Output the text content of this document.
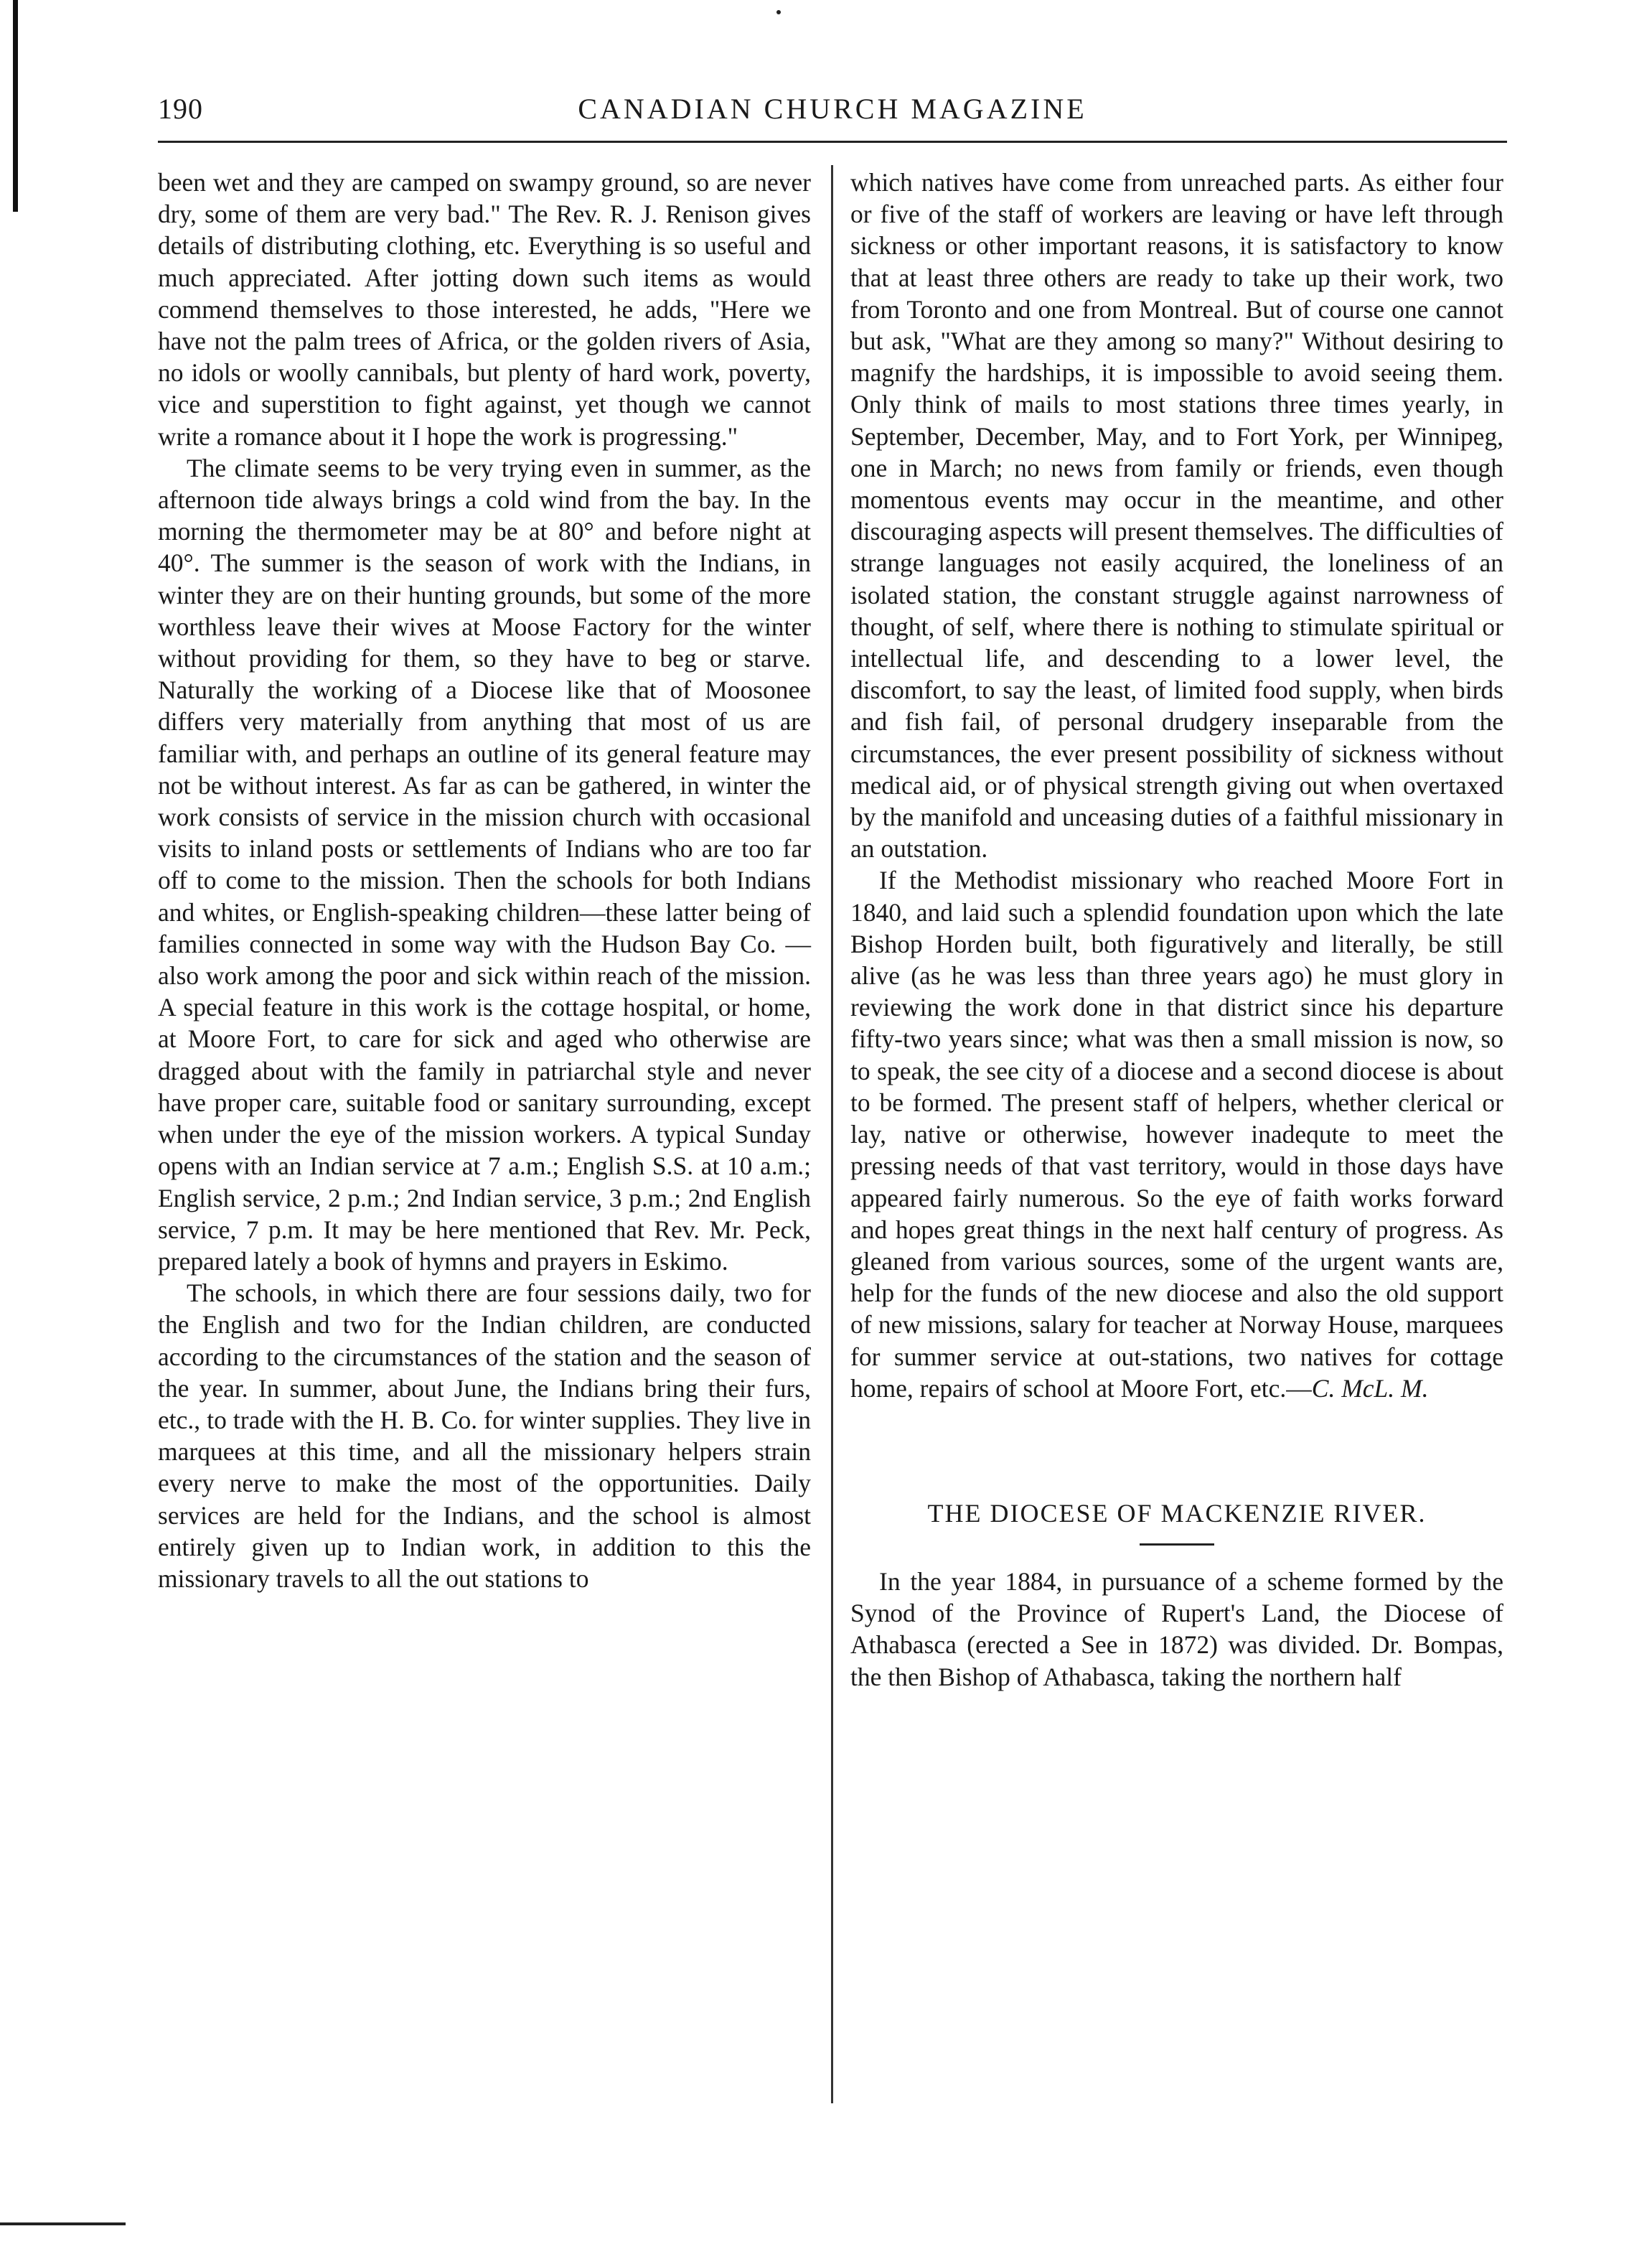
190	CANADIAN CHURCH MAGAZINE

been wet and they are camped on swampy ground, so are never dry, some of them are very bad." The Rev. R. J. Renison gives details of distributing clothing, etc. Everything is so useful and much appreciated. After jotting down such items as would commend themselves to those interested, he adds, "Here we have not the palm trees of Africa, or the golden rivers of Asia, no idols or woolly cannibals, but plenty of hard work, poverty, vice and superstition to fight against, yet though we cannot write a romance about it I hope the work is progressing."

The climate seems to be very trying even in summer, as the afternoon tide always brings a cold wind from the bay. In the morning the thermometer may be at 80° and before night at 40°. The summer is the season of work with the Indians, in winter they are on their hunting grounds, but some of the more worthless leave their wives at Moose Factory for the winter without providing for them, so they have to beg or starve. Naturally the working of a Diocese like that of Moosonee differs very materially from anything that most of us are familiar with, and perhaps an outline of its general feature may not be without interest. As far as can be gathered, in winter the work consists of service in the mission church with occasional visits to inland posts or settlements of Indians who are too far off to come to the mission. Then the schools for both Indians and whites, or English-speaking children—these latter being of families connected in some way with the Hudson Bay Co. —also work among the poor and sick within reach of the mission. A special feature in this work is the cottage hospital, or home, at Moore Fort, to care for sick and aged who otherwise are dragged about with the family in patriarchal style and never have proper care, suitable food or sanitary surrounding, except when under the eye of the mission workers. A typical Sunday opens with an Indian service at 7 a.m.; English S.S. at 10 a.m.; English service, 2 p.m.; 2nd Indian service, 3 p.m.; 2nd English service, 7 p.m. It may be here mentioned that Rev. Mr. Peck, prepared lately a book of hymns and prayers in Eskimo.

The schools, in which there are four sessions daily, two for the English and two for the Indian children, are conducted according to the circumstances of the station and the season of the year. In summer, about June, the Indians bring their furs, etc., to trade with the H. B. Co. for winter supplies. They live in marquees at this time, and all the missionary helpers strain every nerve to make the most of the opportunities. Daily services are held for the Indians, and the school is almost entirely given up to Indian work, in addition to this the missionary travels to all the out stations to

which natives have come from unreached parts. As either four or five of the staff of workers are leaving or have left through sickness or other important reasons, it is satisfactory to know that at least three others are ready to take up their work, two from Toronto and one from Montreal. But of course one cannot but ask, "What are they among so many?" Without desiring to magnify the hardships, it is impossible to avoid seeing them. Only think of mails to most stations three times yearly, in September, December, May, and to Fort York, per Winnipeg, one in March; no news from family or friends, even though momentous events may occur in the meantime, and other discouraging aspects will present themselves. The difficulties of strange languages not easily acquired, the loneliness of an isolated station, the constant struggle against narrowness of thought, of self, where there is nothing to stimulate spiritual or intellectual life, and descending to a lower level, the discomfort, to say the least, of limited food supply, when birds and fish fail, of personal drudgery inseparable from the circumstances, the ever present possibility of sickness without medical aid, or of physical strength giving out when overtaxed by the manifold and unceasing duties of a faithful missionary in an outstation.

If the Methodist missionary who reached Moore Fort in 1840, and laid such a splendid foundation upon which the late Bishop Horden built, both figuratively and literally, be still alive (as he was less than three years ago) he must glory in reviewing the work done in that district since his departure fifty-two years since; what was then a small mission is now, so to speak, the see city of a diocese and a second diocese is about to be formed. The present staff of helpers, whether clerical or lay, native or otherwise, however inadequte to meet the pressing needs of that vast territory, would in those days have appeared fairly numerous. So the eye of faith works forward and hopes great things in the next half century of progress. As gleaned from various sources, some of the urgent wants are, help for the funds of the new diocese and also the old support of new missions, salary for teacher at Norway House, marquees for summer service at out-stations, two natives for cottage home, repairs of school at Moore Fort, etc.—C. McL. M.

THE DIOCESE OF MACKENZIE RIVER.

In the year 1884, in pursuance of a scheme formed by the Synod of the Province of Rupert's Land, the Diocese of Athabasca (erected a See in 1872) was divided. Dr. Bompas, the then Bishop of Athabasca, taking the northern half
